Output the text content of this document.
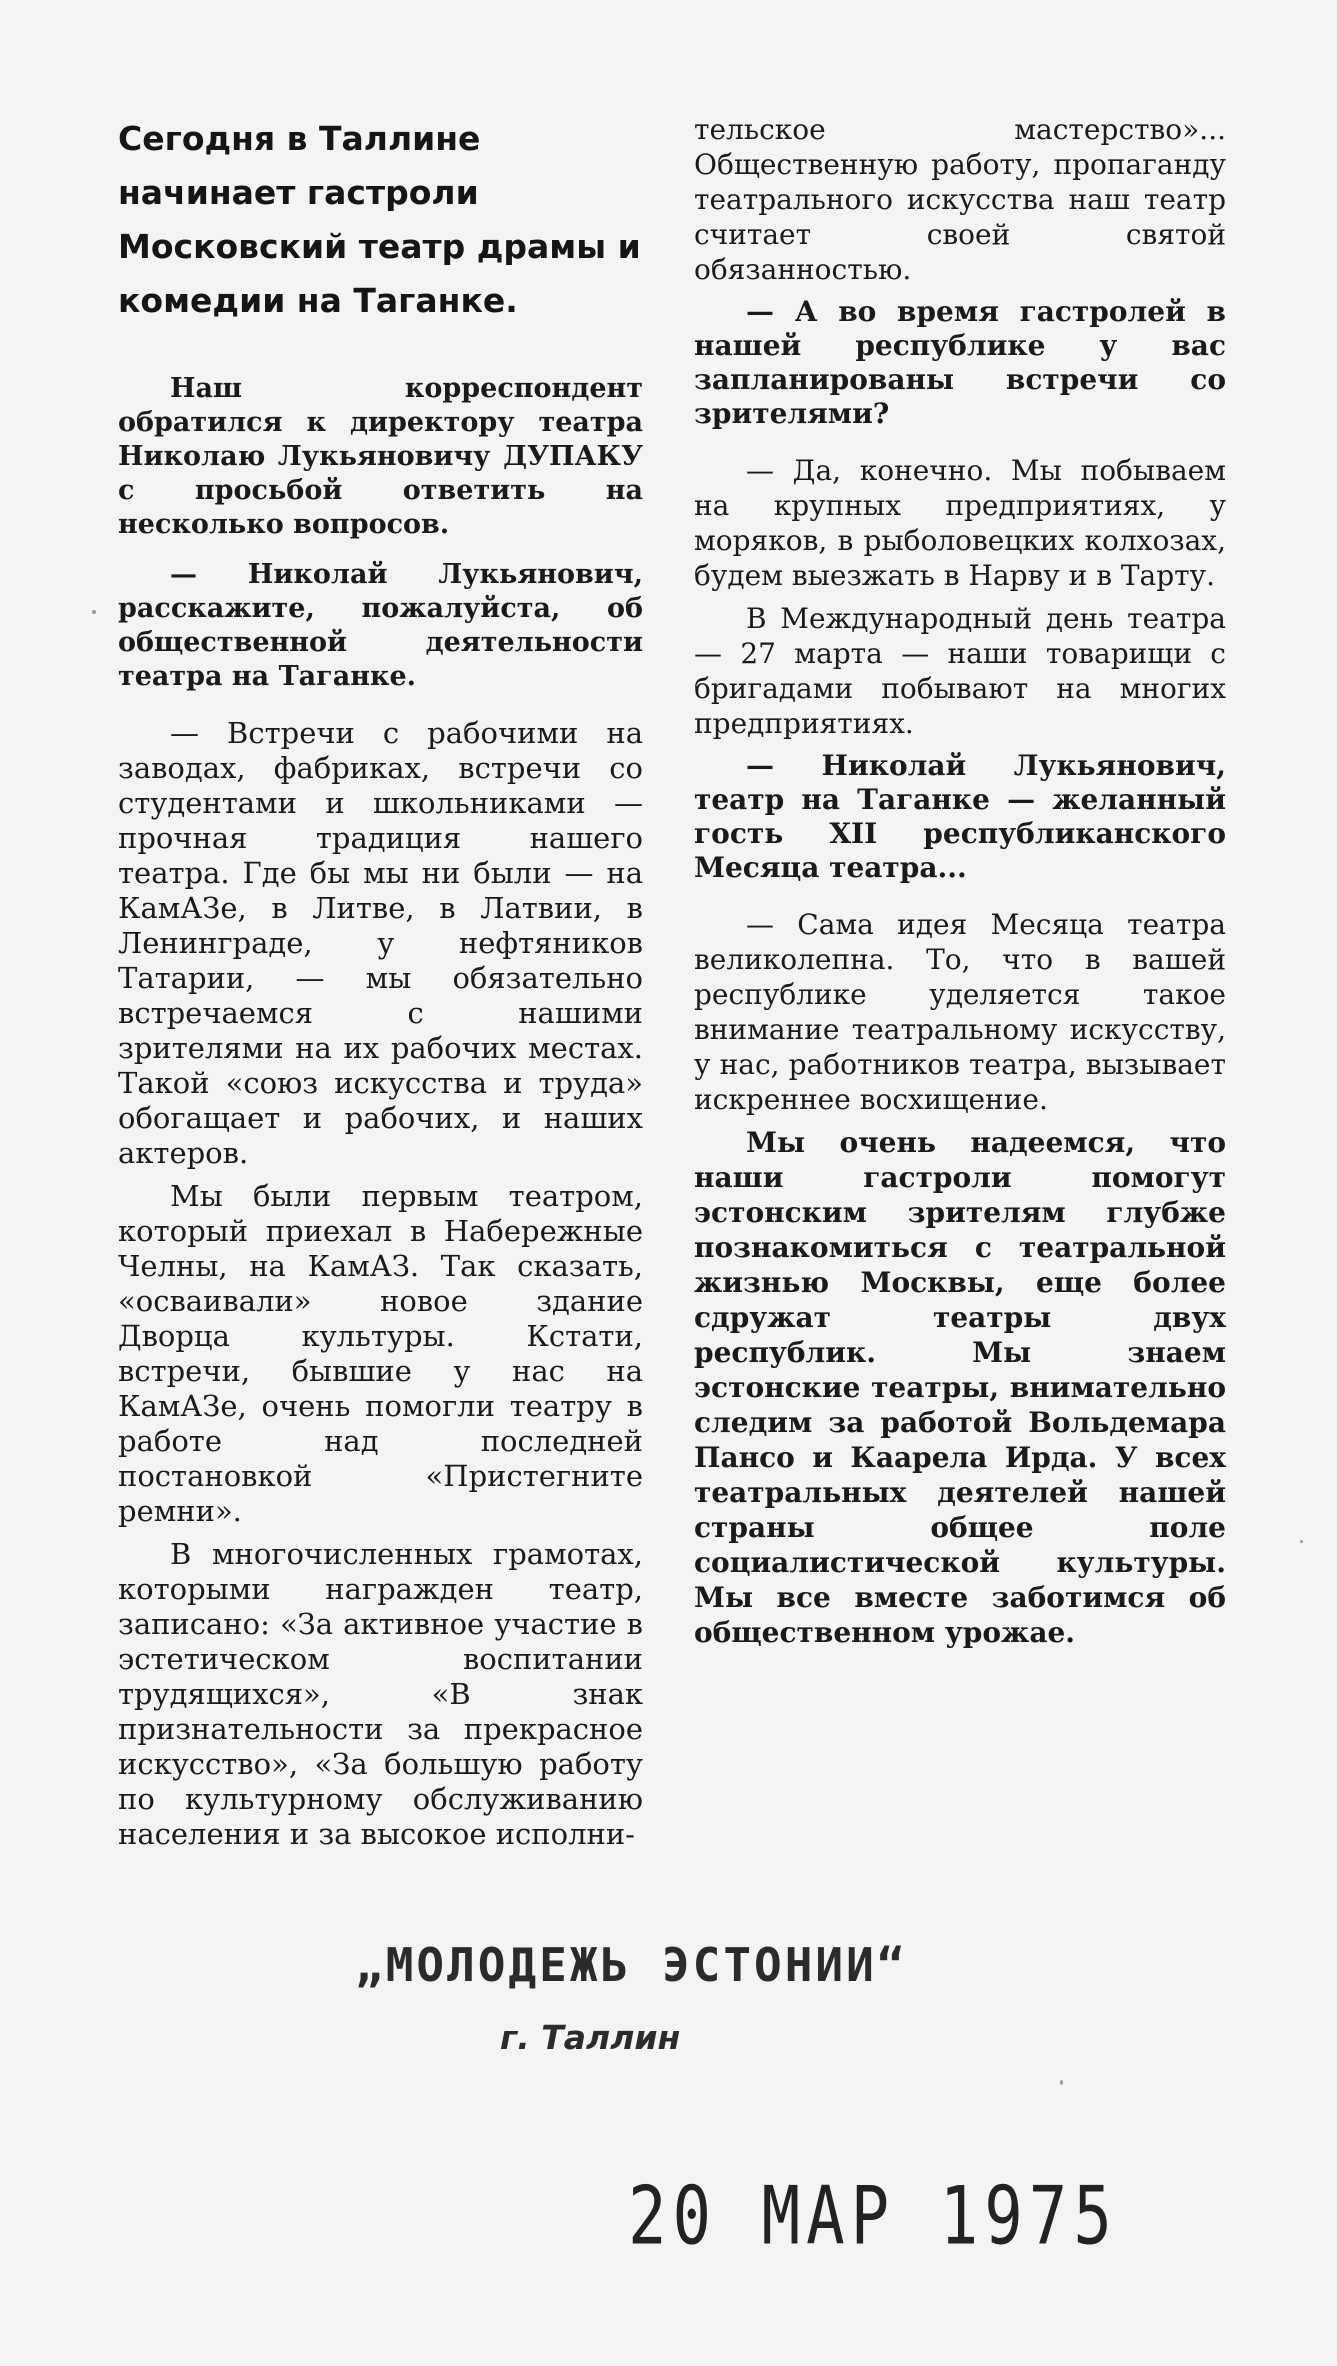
Сегодня в Таллине начинает гастроли Московский театр драмы и комедии на Таганке.

Наш корреспондент обратился к директору театра Николаю Лукьяновичу ДУПАКУ с просьбой ответить на несколько вопросов.

— Николай Лукьянович, расскажите, пожалуйста, об общественной деятельности театра на Таганке.

— Встречи с рабочими на заводах, фабриках, встречи со студентами и школьниками — прочная традиция нашего театра. Где бы мы ни были — на КамАЗе, в Литве, в Латвии, в Ленинграде, у нефтяников Татарии, — мы обязательно встречаемся с нашими зрителями на их рабочих местах. Такой «союз искусства и труда» обогащает и рабочих, и наших актеров.

Мы были первым театром, который приехал в Набережные Челны, на КамАЗ. Так сказать, «осваивали» новое здание Дворца культуры. Кстати, встречи, бывшие у нас на КамАЗе, очень помогли театру в работе над последней постановкой «Пристегните ремни».

В многочисленных грамотах, которыми награжден театр, записано: «За активное участие в эстетическом воспитании трудящихся», «В знак признательности за прекрасное искусство», «За большую работу по культурному обслуживанию населения и за высокое исполни-

тельское мастерство»... Общественную работу, пропаганду театрального искусства наш театр считает своей святой обязанностью.

— А во время гастролей в нашей республике у вас запланированы встречи со зрителями?

— Да, конечно. Мы побываем на крупных предприятиях, у моряков, в рыболовецких колхозах, будем выезжать в Нарву и в Тарту.

В Международный день театра — 27 марта — наши товарищи с бригадами побывают на многих предприятиях.

— Николай Лукьянович, театр на Таганке — желанный гость XII республиканского Месяца театра...

— Сама идея Месяца театра великолепна. То, что в вашей республике уделяется такое внимание театральному искусству, у нас, работников театра, вызывает искреннее восхищение.

Мы очень надеемся, что наши гастроли помогут эстонским зрителям глубже познакомиться с театральной жизнью Москвы, еще более сдружат театры двух республик. Мы знаем эстонские театры, внимательно следим за работой Вольдемара Пансо и Каарела Ирда. У всех театральных деятелей нашей страны общее поле социалистической культуры. Мы все вместе заботимся об общественном урожае.

„МОЛОДЕЖЬ ЭСТОНИИ“
г. Таллин
20 МАР 1975
